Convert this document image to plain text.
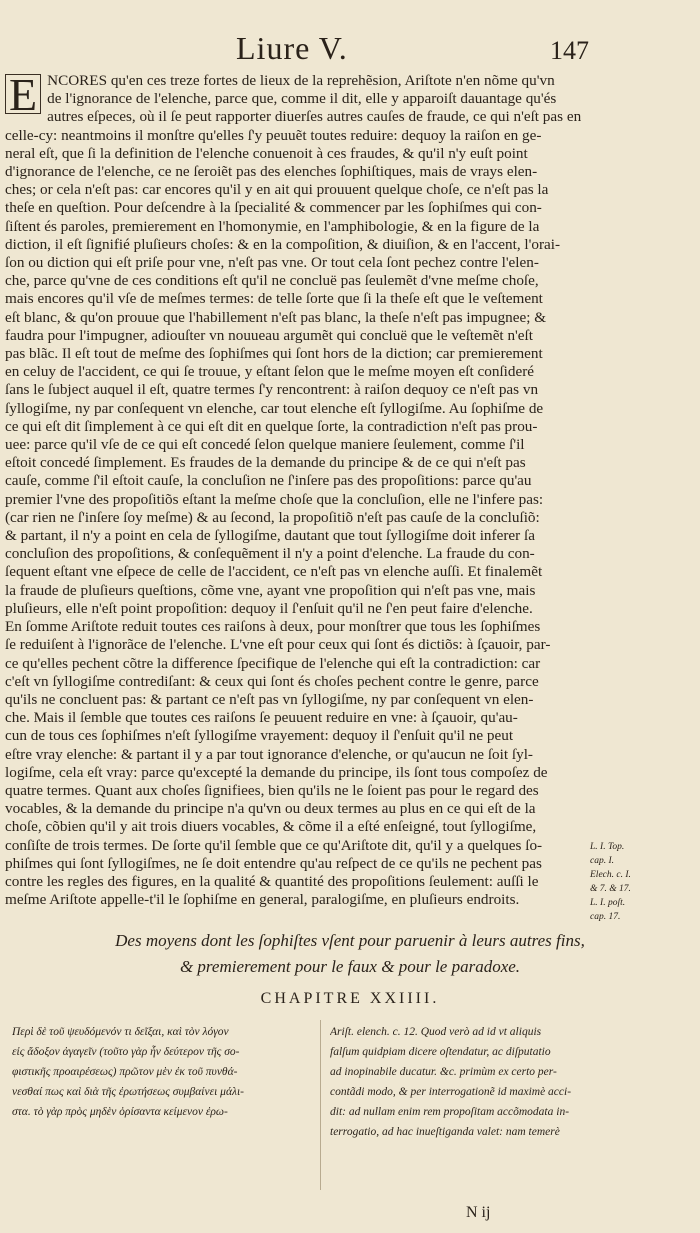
Liure V.	147
E NCORES qu'en ces treze fortes de lieux de la reprehẽsion, Ariſtote n'en nõme qu'vn
de l'ignorance de l'elenche, parce que, comme il dit, elle y apparoiſt dauantage qu'és
autres eſpeces, où il ſe peut rapporter diuerſes autres cauſes de fraude, ce qui n'eſt pas en
celle-cy: neantmoins il monſtre qu'elles ſ'y peuuẽt toutes reduire: dequoy la raiſon en ge-
neral eſt, que ſi la definition de l'elenche conuenoit à ces fraudes, & qu'il n'y euſt point
d'ignorance de l'elenche, ce ne ſeroiẽt pas des elenches ſophiſtiques, mais de vrays elen-
ches; or cela n'eſt pas: car encores qu'il y en ait qui prouuent quelque choſe, ce n'eſt pas la
theſe en queſtion. Pour deſcendre à la ſpecialité & commencer par les ſophiſmes qui con-
ſiſtent és paroles, premierement en l'homonymie, en l'amphibologie, & en la figure de la
diction, il eſt ſignifié pluſieurs choſes: & en la compoſition, & diuiſion, & en l'accent, l'orai-
ſon ou diction qui eſt priſe pour vne, n'eſt pas vne. Or tout cela ſont pechez contre l'elen-
che, parce qu'vne de ces conditions eſt qu'il ne concluë pas ſeulemẽt d'vne meſme choſe,
mais encores qu'il vſe de meſmes termes: de telle ſorte que ſi la theſe eſt que le veſtement
eſt blanc, & qu'on prouue que l'habillement n'eſt pas blanc, la theſe n'eſt pas impugnee; &
faudra pour l'impugner, adiouſter vn nouueau argumẽt qui concluë que le veſtemẽt n'eſt
pas blãc. Il eſt tout de meſme des ſophiſmes qui ſont hors de la diction; car premierement
en celuy de l'accident, ce qui ſe trouue, y eſtant ſelon que le meſme moyen eſt conſideré
ſans le ſubject auquel il eſt, quatre termes ſ'y rencontrent: à raiſon dequoy ce n'eſt pas vn
ſyllogiſme, ny par conſequent vn elenche, car tout elenche eſt ſyllogiſme. Au ſophiſme de
ce qui eſt dit ſimplement à ce qui eſt dit en quelque ſorte, la contradiction n'eſt pas prou-
uee: parce qu'il vſe de ce qui eſt concedé ſelon quelque maniere ſeulement, comme ſ'il
eſtoit concedé ſimplement. Es fraudes de la demande du principe & de ce qui n'eſt pas
cauſe, comme ſ'il eſtoit cauſe, la concluſion ne ſ'inſere pas des propoſitions: parce qu'au
premier l'vne des propoſitiõs eſtant la meſme choſe que la concluſion, elle ne l'infere pas:
(car rien ne ſ'inſere ſoy meſme) & au ſecond, la propoſitiõ n'eſt pas cauſe de la concluſiõ:
& partant, il n'y a point en cela de ſyllogiſme, dautant que tout ſyllogiſme doit inferer ſa
concluſion des propoſitions, & conſequẽment il n'y a point d'elenche. La fraude du con-
ſequent eſtant vne eſpece de celle de l'accident, ce n'eſt pas vn elenche auſſi. Et finalemẽt
la fraude de pluſieurs queſtions, cõme vne, ayant vne propoſition qui n'eſt pas vne, mais
pluſieurs, elle n'eſt point propoſition: dequoy il ſ'enſuit qu'il ne ſ'en peut faire d'elenche.
En ſomme Ariſtote reduit toutes ces raiſons à deux, pour monſtrer que tous les ſophiſmes
ſe reduiſent à l'ignorãce de l'elenche. L'vne eſt pour ceux qui ſont és dictiõs: à ſçauoir, par-
ce qu'elles pechent cõtre la difference ſpecifique de l'elenche qui eſt la contradiction: car
c'eſt vn ſyllogiſme contrediſant: & ceux qui ſont és choſes pechent contre le genre, parce
qu'ils ne concluent pas: & partant ce n'eſt pas vn ſyllogiſme, ny par conſequent vn elen-
che. Mais il ſemble que toutes ces raiſons ſe peuuent reduire en vne: à ſçauoir, qu'au-
cun de tous ces ſophiſmes n'eſt ſyllogiſme vrayement: dequoy il ſ'enſuit qu'il ne peut
eſtre vray elenche: & partant il y a par tout ignorance d'elenche, or qu'aucun ne ſoit ſyl-
logiſme, cela eſt vray: parce qu'excepté la demande du principe, ils ſont tous compoſez de
quatre termes. Quant aux choſes ſignifiees, bien qu'ils ne le ſoient pas pour le regard des
vocables, & la demande du principe n'a qu'vn ou deux termes au plus en ce qui eſt de la
choſe, cõbien qu'il y ait trois diuers vocables, & cõme il a eſté enſeigné, tout ſyllogiſme,
conſiſte de trois termes. De ſorte qu'il ſemble que ce qu'Ariſtote dit, qu'il y a quelques ſo-
phiſmes qui ſont ſyllogiſmes, ne ſe doit entendre qu'au reſpect de ce qu'ils ne pechent pas
contre les regles des figures, en la qualité & quantité des propoſitions ſeulement: auſſi le
meſme Ariſtote appelle-t'il le ſophiſme en general, paralogiſme, en pluſieurs endroits.
L. I. Top.
cap. I.
Elech. c. I.
& 7. & 17.
L. I. poſt.
cap. 17.
Des moyens dont les ſophiſtes vſent pour paruenir à leurs autres fins,
& premierement pour le faux & pour le paradoxe.
CHAPITRE XXIIII.
Περὶ δὲ τοῦ ψευδόμενόν τι δεῖξαι, καὶ τὸν λόγον
εἰς ἄδοξον ἀγαγεῖν (τοῦτο γὰρ ἦν δεύτερον τῆς σο-
φιστικῆς προαιρέσεως) πρῶτον μὲν ἐκ τοῦ πυνθά-
νεσθαί πως καὶ διὰ τῆς ἐρωτήσεως συμβαίνει μάλι-
στα. τὸ γὰρ πρὸς μηδὲν ὁρίσαντα κείμενον ἐρω-
Ariſt. elench. c. 12. Quod verò ad id vt aliquis
falſum quidpiam dicere oſtendatur, ac diſputatio
ad inopinabile ducatur. &c. primùm ex certo per-
contãdi modo, & per interrogationẽ id maximè acci-
dit: ad nullam enim rem propoſitam accõmodata in-
terrogatio, ad hac inueſtiganda valet: nam temerè
N ij
